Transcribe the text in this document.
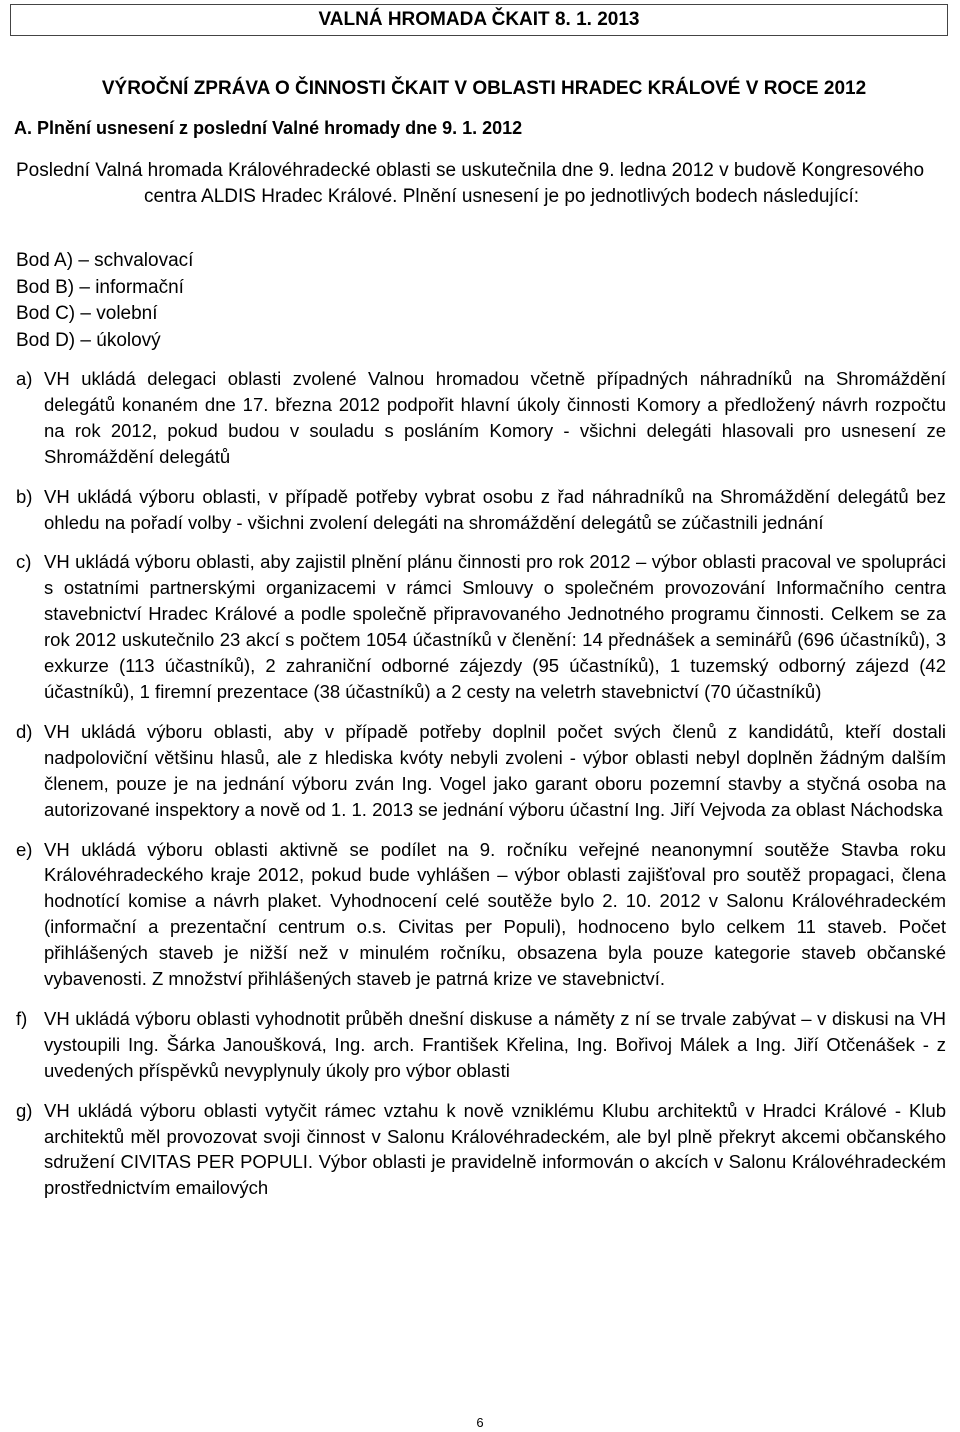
VALNÁ HROMADA ČKAIT 8. 1. 2013
VÝROČNÍ ZPRÁVA O ČINNOSTI ČKAIT V OBLASTI HRADEC KRÁLOVÉ V ROCE 2012
A. Plnění usnesení z poslední Valné hromady dne 9. 1. 2012
Poslední Valná hromada Královéhradecké oblasti se uskutečnila dne 9. ledna 2012 v budově Kongresového centra ALDIS Hradec Králové. Plnění usnesení je po jednotlivých bodech následující:
Bod A) – schvalovací
Bod B) – informační
Bod C) – volební
Bod D) – úkolový
a) VH ukládá delegaci oblasti zvolené Valnou hromadou včetně případných náhradníků na Shromáždění delegátů konaném dne 17. března 2012 podpořit hlavní úkoly činnosti Komory a předložený návrh rozpočtu na rok 2012, pokud budou v souladu s posláním Komory - všichni delegáti hlasovali pro usnesení ze Shromáždění delegátů
b) VH ukládá výboru oblasti, v případě potřeby vybrat osobu z řad náhradníků na Shromáždění delegátů bez ohledu na pořadí volby - všichni zvolení delegáti na shromáždění delegátů se zúčastnili jednání
c) VH ukládá výboru oblasti, aby zajistil plnění plánu činnosti pro rok 2012 – výbor oblasti pracoval ve spolupráci s ostatními partnerskými organizacemi v rámci Smlouvy o společném provozování Informačního centra stavebnictví Hradec Králové a podle společně připravovaného Jednotného programu činnosti. Celkem se za rok 2012 uskutečnilo 23 akcí s počtem 1054 účastníků v členění: 14 přednášek a seminářů (696 účastníků), 3 exkurze (113 účastníků), 2 zahraniční odborné zájezdy (95 účastníků), 1 tuzemský odborný zájezd (42 účastníků), 1 firemní prezentace (38 účastníků) a 2 cesty na veletrh stavebnictví (70 účastníků)
d) VH ukládá výboru oblasti, aby v případě potřeby doplnil počet svých členů z kandidátů, kteří dostali nadpoloviční většinu hlasů, ale z hlediska kvóty nebyli zvoleni - výbor oblasti nebyl doplněn žádným dalším členem, pouze je na jednání výboru zván Ing. Vogel jako garant oboru pozemní stavby a styčná osoba na autorizované inspektory a nově od 1. 1. 2013 se jednání výboru účastní Ing. Jiří Vejvoda za oblast Náchodska
e) VH ukládá výboru oblasti aktivně se podílet na 9. ročníku veřejné neanonymní soutěže Stavba roku Královéhradeckého kraje 2012, pokud bude vyhlášen – výbor oblasti zajišťoval pro soutěž propagaci, člena hodnotící komise a návrh plaket. Vyhodnocení celé soutěže bylo 2. 10. 2012 v Salonu Královéhradeckém (informační a prezentační centrum o.s. Civitas per Populi), hodnoceno bylo celkem 11 staveb. Počet přihlášených staveb je nižší než v minulém ročníku, obsazena byla pouze kategorie staveb občanské vybavenosti. Z množství přihlášených staveb je patrná krize ve stavebnictví.
f) VH ukládá výboru oblasti vyhodnotit průběh dnešní diskuse a náměty z ní se trvale zabývat – v diskusi na VH vystoupili Ing. Šárka Janoušková, Ing. arch. František Křelina, Ing. Bořivoj Málek a Ing. Jiří Otčenášek - z uvedených příspěvků nevyplynuly úkoly pro výbor oblasti
g) VH ukládá výboru oblasti vytyčit rámec vztahu k nově vzniklému Klubu architektů v Hradci Králové - Klub architektů měl provozovat svoji činnost v Salonu Královéhradeckém, ale byl plně překryt akcemi občanského sdružení CIVITAS PER POPULI. Výbor oblasti je pravidelně informován o akcích v Salonu Královéhradeckém prostřednictvím emailových
6
